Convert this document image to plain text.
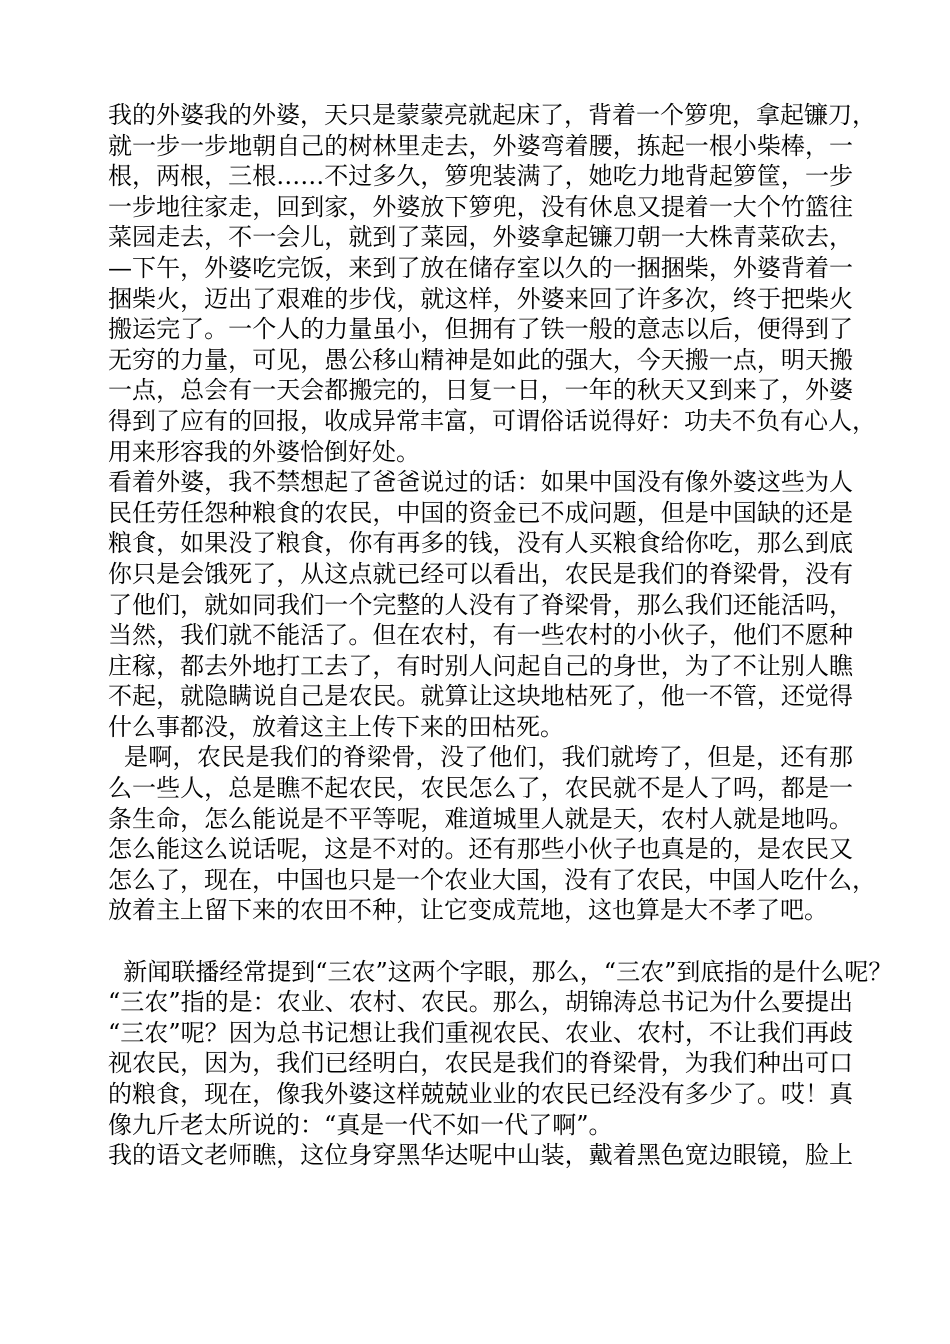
我的外婆我的外婆，天只是蒙蒙亮就起床了，背着一个箩兜，拿起镰刀，
就一步一步地朝自己的树林里走去，外婆弯着腰，拣起一根小柴棒，一
根，两根，三根……不过多久，箩兜装满了，她吃力地背起箩筐，一步
一步地往家走，回到家，外婆放下箩兜，没有休息又提着一大个竹篮往
菜园走去，不一会儿，就到了菜园，外婆拿起镰刀朝一大株青菜砍去，
—下午，外婆吃完饭，来到了放在储存室以久的一捆捆柴，外婆背着一
捆柴火，迈出了艰难的步伐，就这样，外婆来回了许多次，终于把柴火
搬运完了。一个人的力量虽小，但拥有了铁一般的意志以后，便得到了
无穷的力量，可见，愚公移山精神是如此的强大，今天搬一点，明天搬
一点，总会有一天会都搬完的，日复一日，一年的秋天又到来了，外婆
得到了应有的回报，收成异常丰富，可谓俗话说得好：功夫不负有心人，
用来形容我的外婆恰倒好处。
看着外婆，我不禁想起了爸爸说过的话：如果中国没有像外婆这些为人
民任劳任怨种粮食的农民，中国的资金已不成问题，但是中国缺的还是
粮食，如果没了粮食，你有再多的钱，没有人买粮食给你吃，那么到底
你只是会饿死了，从这点就已经可以看出，农民是我们的脊梁骨，没有
了他们，就如同我们一个完整的人没有了脊梁骨，那么我们还能活吗，
当然，我们就不能活了。但在农村，有一些农村的小伙子，他们不愿种
庄稼，都去外地打工去了，有时别人问起自己的身世，为了不让别人瞧
不起，就隐瞒说自己是农民。就算让这块地枯死了，他一不管，还觉得
什么事都没，放着这主上传下来的田枯死。
是啊，农民是我们的脊梁骨，没了他们，我们就垮了，但是，还有那
么一些人，总是瞧不起农民，农民怎么了，农民就不是人了吗，都是一
条生命，怎么能说是不平等呢，难道城里人就是天，农村人就是地吗。
怎么能这么说话呢，这是不对的。还有那些小伙子也真是的，是农民又
怎么了，现在，中国也只是一个农业大国，没有了农民，中国人吃什么，
放着主上留下来的农田不种，让它变成荒地，这也算是大不孝了吧。
新闻联播经常提到“三农”这两个字眼，那么，“三农”到底指的是什么呢？
“三农”指的是：农业、农村、农民。那么，胡锦涛总书记为什么要提出
“三农”呢？因为总书记想让我们重视农民、农业、农村，不让我们再歧
视农民，因为，我们已经明白，农民是我们的脊梁骨，为我们种出可口
的粮食，现在，像我外婆这样兢兢业业的农民已经没有多少了。哎！真
像九斤老太所说的：“真是一代不如一代了啊”。
我的语文老师瞧，这位身穿黑华达呢中山装，戴着黑色宽边眼镜，脸上
